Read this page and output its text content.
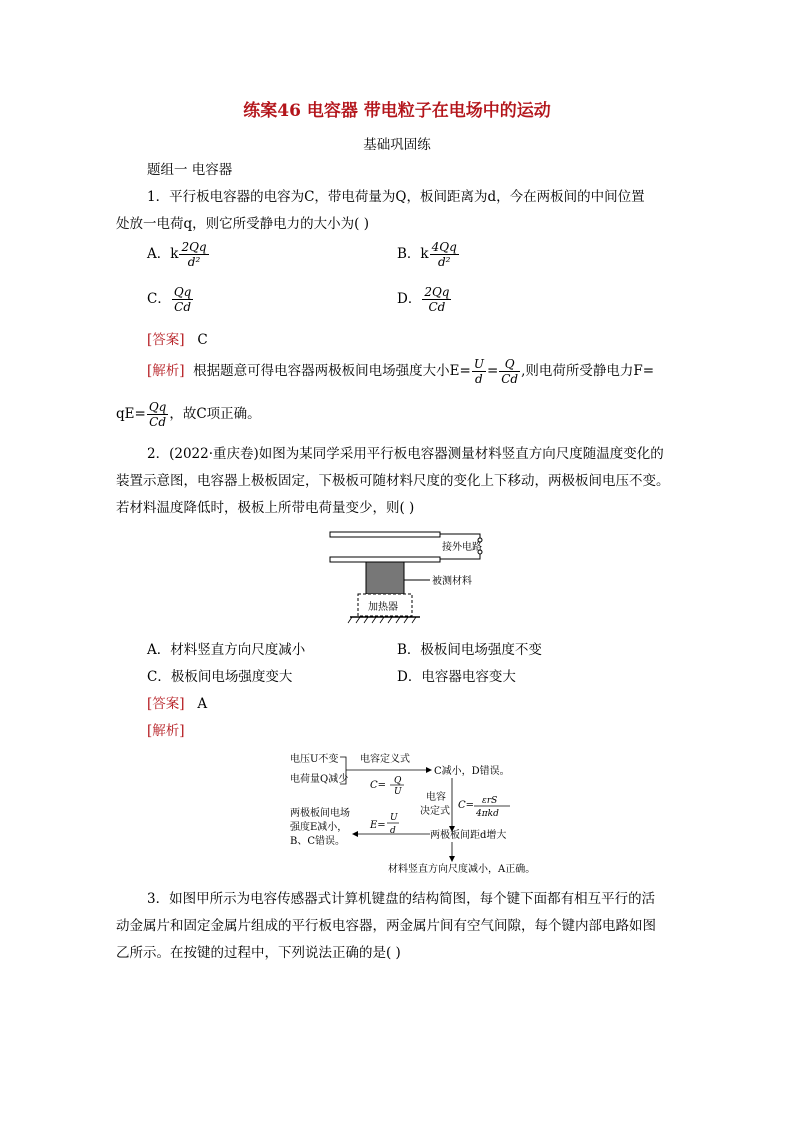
练案46 电容器 带电粒子在电场中的运动
基础巩固练
题组一 电容器
1．平行板电容器的电容为C，带电荷量为Q，板间距离为d，今在两板间的中间位置
处放一电荷q，则它所受静电力的大小为( )
A．k $\frac{2Qq}{\text{d²}}$	B．k $\frac{4Qq}{\text{d²}}$
C． $\frac{Qq}{Cd}$	D． $\frac{2Qq}{Cd}$
[答案] C
[解析] 根据题意可得电容器两极板间电场强度大小$E= \frac{U}{d} = \frac{Q}{Cd}$ ,则电荷所受静电力F=
$qE= \frac{Qq}{Cd}$ ，故C项正确。
2．(2022·重庆卷)如图为某同学采用平行板电容器测量材料竖直方向尺度随温度变化的
装置示意图，电容器上极板固定，下极板可随材料尺度的变化上下移动，两极板间电压不变。
若材料温度降低时，极板上所带电荷量变少，则( )
接外电路
被测材料
加热器
A．材料竖直方向尺度减小	B．极板间电场强度不变
C．极板间电场强度变大	D．电容器电容变大
[答案] A
[解析]
电压U不变
电荷量Q减少
电容定义式
C= Q
U
C减小，D错误。
电容
决定式
C= εrS
4πkd
两极板间电场
强度E减小，
B、C错误。
E=
U
d	两极板间距d增大
材料竖直方向尺度减小，A正确。
3．如图甲所示为电容传感器式计算机键盘的结构简图，每个键下面都有相互平行的活
动金属片和固定金属片组成的平行板电容器，两金属片间有空气间隙，每个键内部电路如图
乙所示。在按键的过程中，下列说法正确的是( )
